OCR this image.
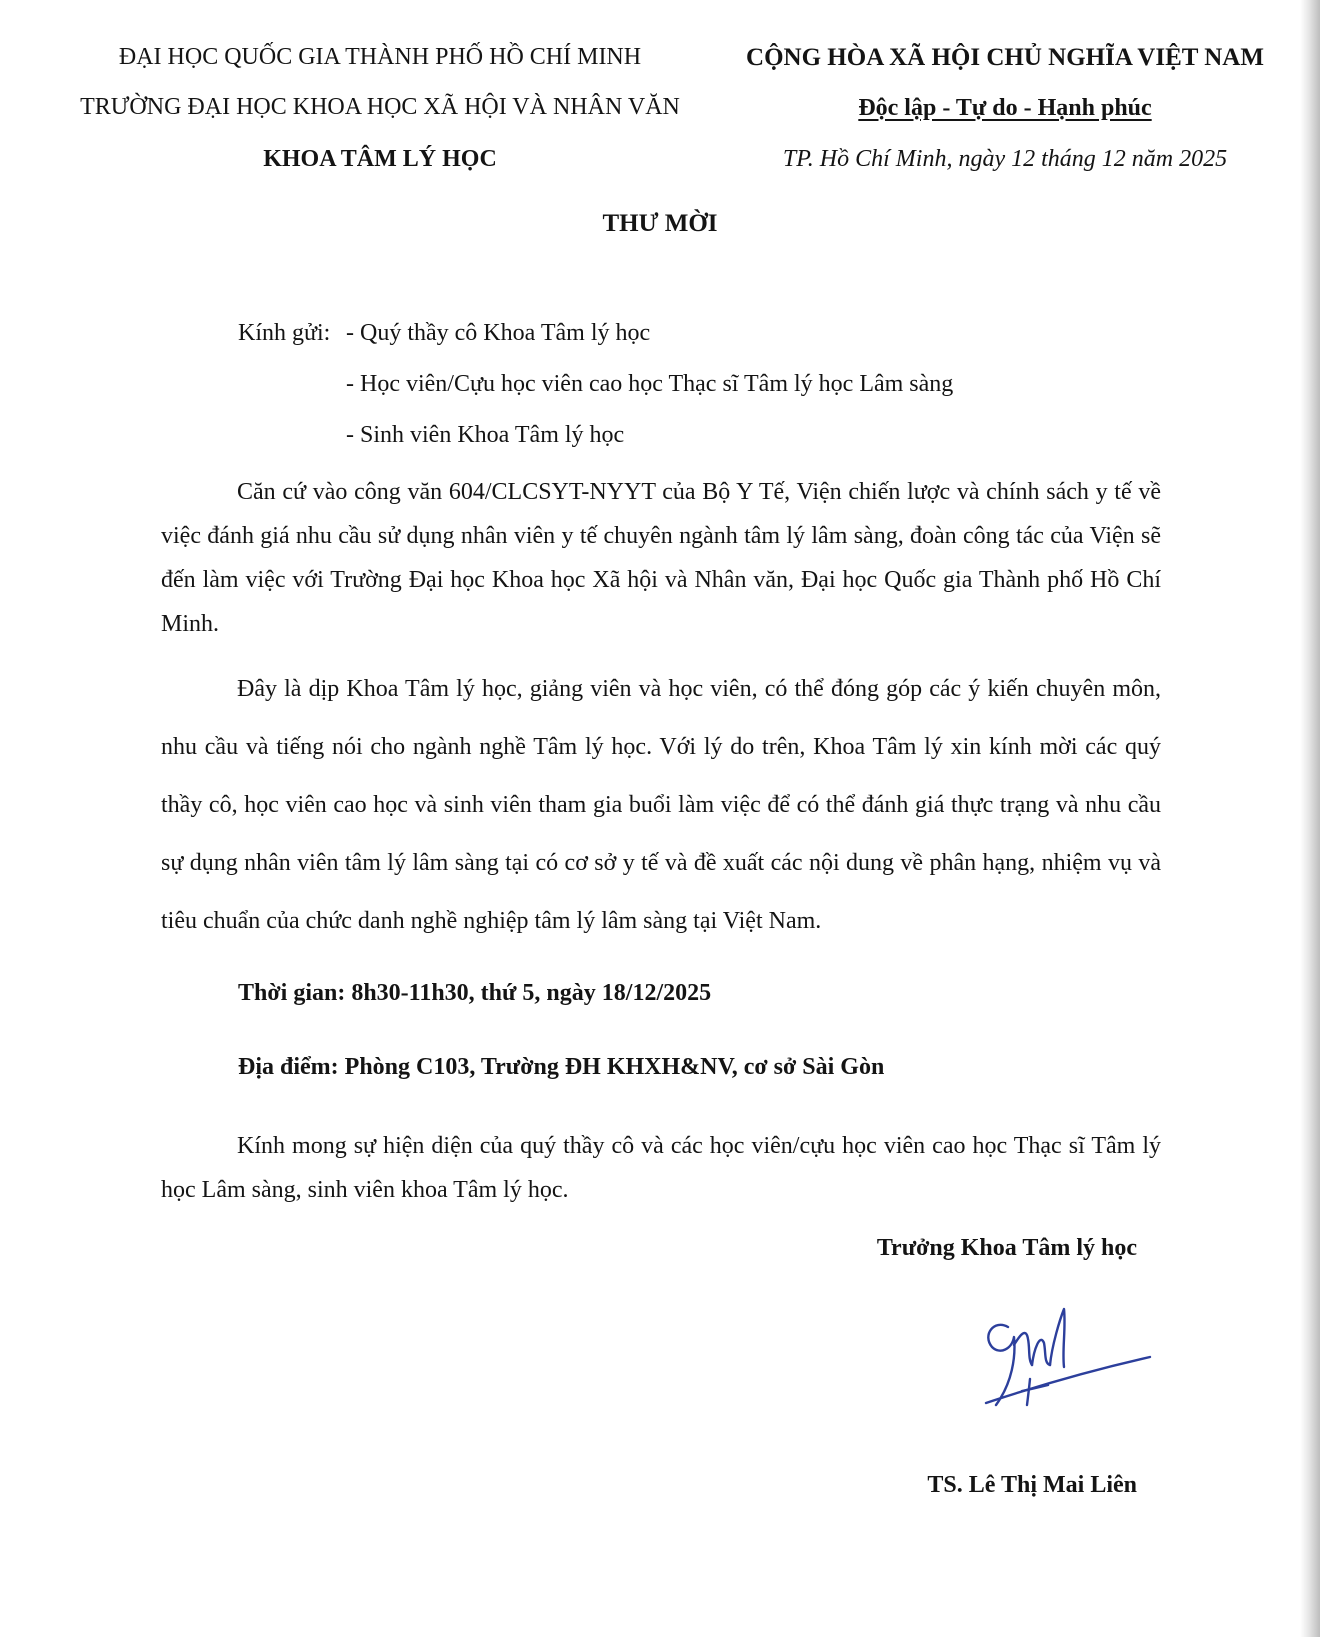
ĐẠI HỌC QUỐC GIA THÀNH PHỐ HỒ CHÍ MINH
TRƯỜNG ĐẠI HỌC KHOA HỌC XÃ HỘI VÀ NHÂN VĂN
KHOA TÂM LÝ HỌC
CỘNG HÒA XÃ HỘI CHỦ NGHĨA VIỆT NAM
Độc lập - Tự do - Hạnh phúc
TP. Hồ Chí Minh, ngày 12 tháng 12 năm 2025
THƯ MỜI
Kính gửi: - Quý thầy cô Khoa Tâm lý học
- Học viên/Cựu học viên cao học Thạc sĩ Tâm lý học Lâm sàng
- Sinh viên Khoa Tâm lý học
Căn cứ vào công văn 604/CLCSYT-NYYT của Bộ Y Tế, Viện chiến lược và chính sách y tế về việc đánh giá nhu cầu sử dụng nhân viên y tế chuyên ngành tâm lý lâm sàng, đoàn công tác của Viện sẽ đến làm việc với Trường Đại học Khoa học Xã hội và Nhân văn, Đại học Quốc gia Thành phố Hồ Chí Minh.
Đây là dịp Khoa Tâm lý học, giảng viên và học viên, có thể đóng góp các ý kiến chuyên môn, nhu cầu và tiếng nói cho ngành nghề Tâm lý học. Với lý do trên, Khoa Tâm lý xin kính mời các quý thầy cô, học viên cao học và sinh viên tham gia buổi làm việc để có thể đánh giá thực trạng và nhu cầu sự dụng nhân viên tâm lý lâm sàng tại có cơ sở y tế và đề xuất các nội dung về phân hạng, nhiệm vụ và tiêu chuẩn của chức danh nghề nghiệp tâm lý lâm sàng tại Việt Nam.
Thời gian: 8h30-11h30, thứ 5, ngày 18/12/2025
Địa điểm: Phòng C103, Trường ĐH KHXH&NV, cơ sở Sài Gòn
Kính mong sự hiện diện của quý thầy cô và các học viên/cựu học viên cao học Thạc sĩ Tâm lý học Lâm sàng, sinh viên khoa Tâm lý học.
Trưởng Khoa Tâm lý học
TS. Lê Thị Mai Liên
